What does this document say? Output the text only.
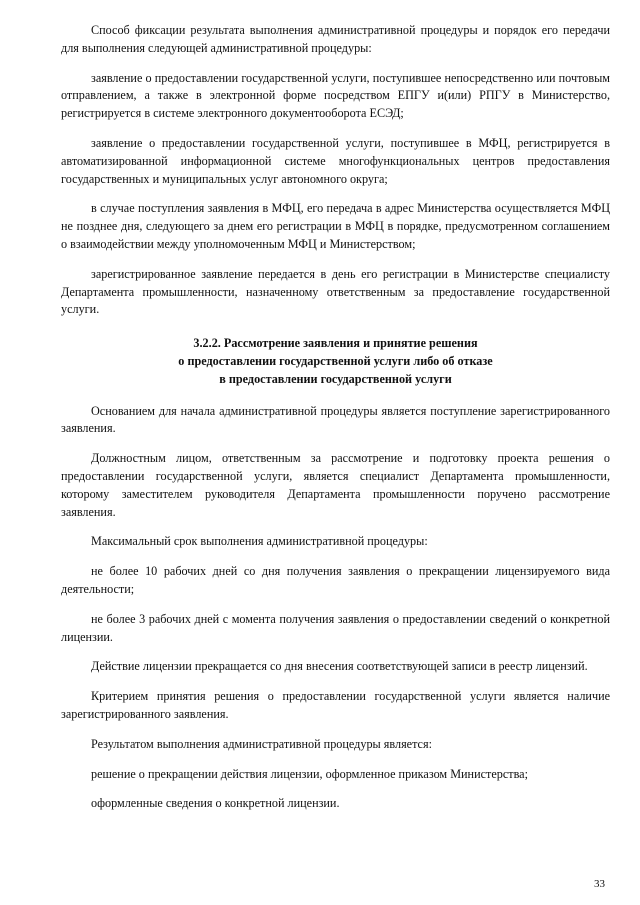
Способ фиксации результата выполнения административной процедуры и порядок его передачи для выполнения следующей административной процедуры:

заявление о предоставлении государственной услуги, поступившее непосредственно или почтовым отправлением, а также в электронной форме посредством ЕПГУ и(или) РПГУ в Министерство, регистрируется в системе электронного документооборота ЕСЭД;

заявление о предоставлении государственной услуги, поступившее в МФЦ, регистрируется в автоматизированной информационной системе многофункциональных центров предоставления государственных и муниципальных услуг автономного округа;

в случае поступления заявления в МФЦ, его передача в адрес Министерства осуществляется МФЦ не позднее дня, следующего за днем его регистрации в МФЦ в порядке, предусмотренном соглашением о взаимодействии между уполномоченным МФЦ и Министерством;

зарегистрированное заявление передается в день его регистрации в Министерстве специалисту Департамента промышленности, назначенному ответственным за предоставление государственной услуги.

3.2.2. Рассмотрение заявления и принятие решения
о предоставлении государственной услуги либо об отказе
в предоставлении государственной услуги

Основанием для начала административной процедуры является поступление зарегистрированного заявления.

Должностным лицом, ответственным за рассмотрение и подготовку проекта решения о предоставлении государственной услуги, является специалист Департамента промышленности, которому заместителем руководителя Департамента промышленности поручено рассмотрение заявления.

Максимальный срок выполнения административной процедуры:

не более 10 рабочих дней со дня получения заявления о прекращении лицензируемого вида деятельности;

не более 3 рабочих дней с момента получения заявления о предоставлении сведений о конкретной лицензии.

Действие лицензии прекращается со дня внесения соответствующей записи в реестр лицензий.

Критерием принятия решения о предоставлении государственной услуги является наличие зарегистрированного заявления.

Результатом выполнения административной процедуры является:

решение о прекращении действия лицензии, оформленное приказом Министерства;

оформленные сведения о конкретной лицензии.

33
